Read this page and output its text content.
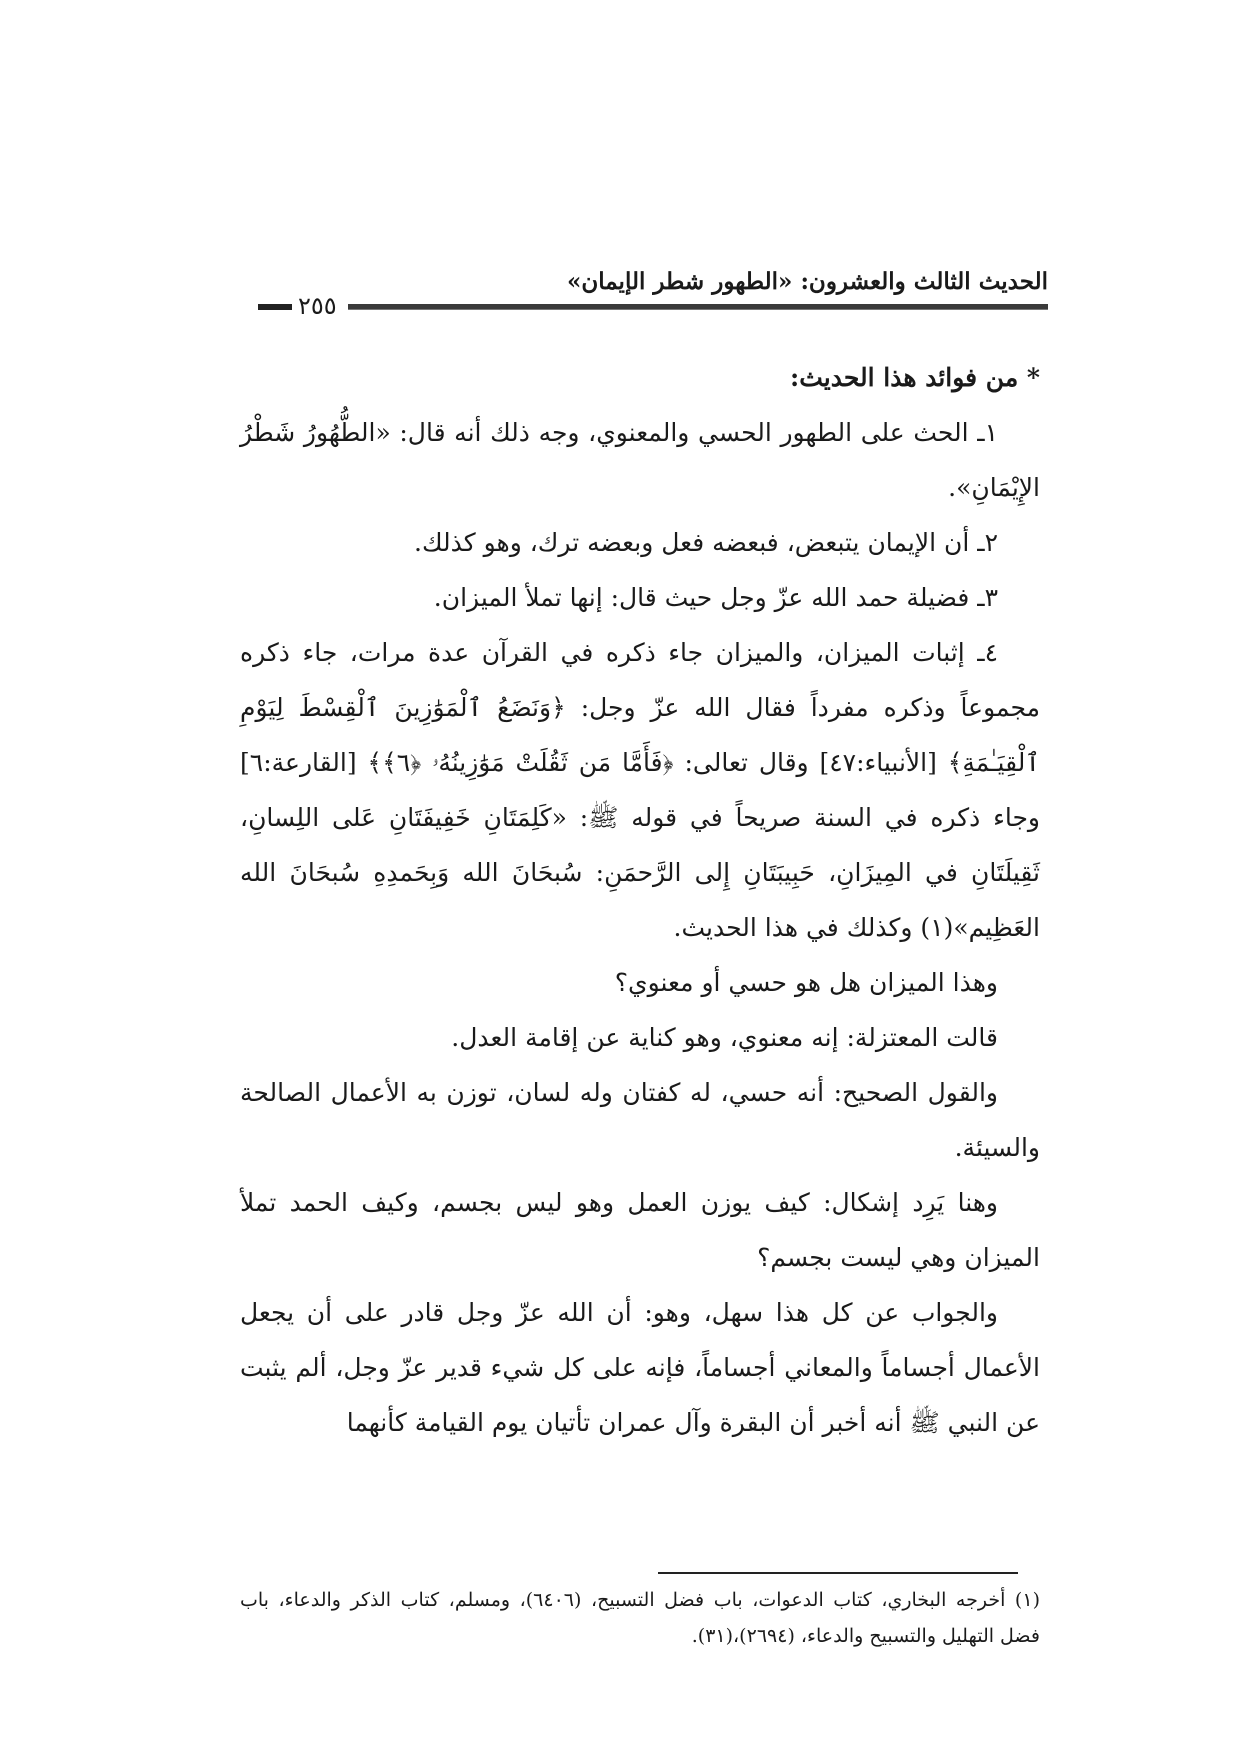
الحديث الثالث والعشرون: «الطهور شطر الإيمان»
٢٥٥

* من فوائد هذا الحديث:

١ـ الحث على الطهور الحسي والمعنوي، وجه ذلك أنه قال: «الطُّهُورُ شَطْرُ الإِيْمَانِ».

٢ـ أن الإيمان يتبعض، فبعضه فعل وبعضه ترك، وهو كذلك.

٣ـ فضيلة حمد الله عزّ وجل حيث قال: إنها تملأ الميزان.

٤ـ إثبات الميزان، والميزان جاء ذكره في القرآن عدة مرات، جاء ذكره مجموعاً وذكره مفرداً فقال الله عزّ وجل: ﴿وَنَضَعُ ٱلْمَوَٰزِينَ ٱلْقِسْطَ لِيَوْمِ ٱلْقِيَـٰمَةِ﴾ [الأنبياء:٤٧] وقال تعالى: ﴿فَأَمَّا مَن ثَقُلَتْ مَوَٰزِينُهُۥ ﴿٦﴾﴾ [القارعة:٦] وجاء ذكره في السنة صريحاً في قوله ﷺ: «كَلِمَتَانِ خَفِيفَتَانِ عَلى اللِسانِ، ثَقِيلَتَانِ في المِيزَانِ، حَبِيبَتَانِ إِلى الرَّحمَنِ: سُبحَانَ الله وَبِحَمدِهِ سُبحَانَ الله العَظِيم»(١) وكذلك في هذا الحديث.

وهذا الميزان هل هو حسي أو معنوي؟

قالت المعتزلة: إنه معنوي، وهو كناية عن إقامة العدل.

والقول الصحيح: أنه حسي، له كفتان وله لسان، توزن به الأعمال الصالحة والسيئة.

وهنا يَرِد إشكال: كيف يوزن العمل وهو ليس بجسم، وكيف الحمد تملأ الميزان وهي ليست بجسم؟

والجواب عن كل هذا سهل، وهو: أن الله عزّ وجل قادر على أن يجعل الأعمال أجساماً والمعاني أجساماً، فإنه على كل شيء قدير عزّ وجل، ألم يثبت عن النبي ﷺ أنه أخبر أن البقرة وآل عمران تأتيان يوم القيامة كأنهما

(١) أخرجه البخاري، كتاب الدعوات، باب فضل التسبيح، (٦٤٠٦)، ومسلم، كتاب الذكر والدعاء، باب فضل التهليل والتسبيح والدعاء، (٢٦٩٤)،(٣١).
